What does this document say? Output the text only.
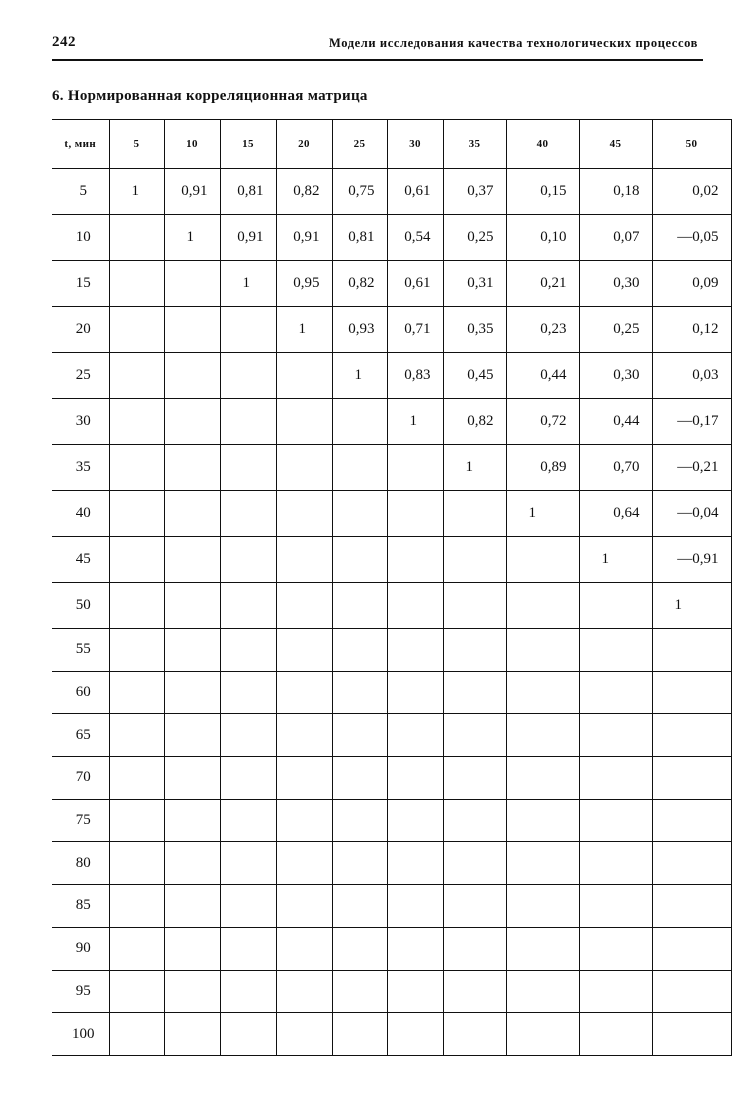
242	Модели исследования качества технологических процессов
6. Нормированная корреляционная матрица
t, мин	5	10	15	20	25	30	35	40	45	50
5	1	0,91	0,81	0,82	0,75	0,61	0,37	0,15	0,18	0,02
10		1	0,91	0,91	0,81	0,54	0,25	0,10	0,07	—0,05
15			1	0,95	0,82	0,61	0,31	0,21	0,30	0,09
20				1	0,93	0,71	0,35	0,23	0,25	0,12
25					1	0,83	0,45	0,44	0,30	0,03
30						1	0,82	0,72	0,44	—0,17
35							1	0,89	0,70	—0,21
40								1	0,64	—0,04
45									1	—0,91
50										1
55										
60										
65										
70										
75										
80										
85										
90										
95										
100										
